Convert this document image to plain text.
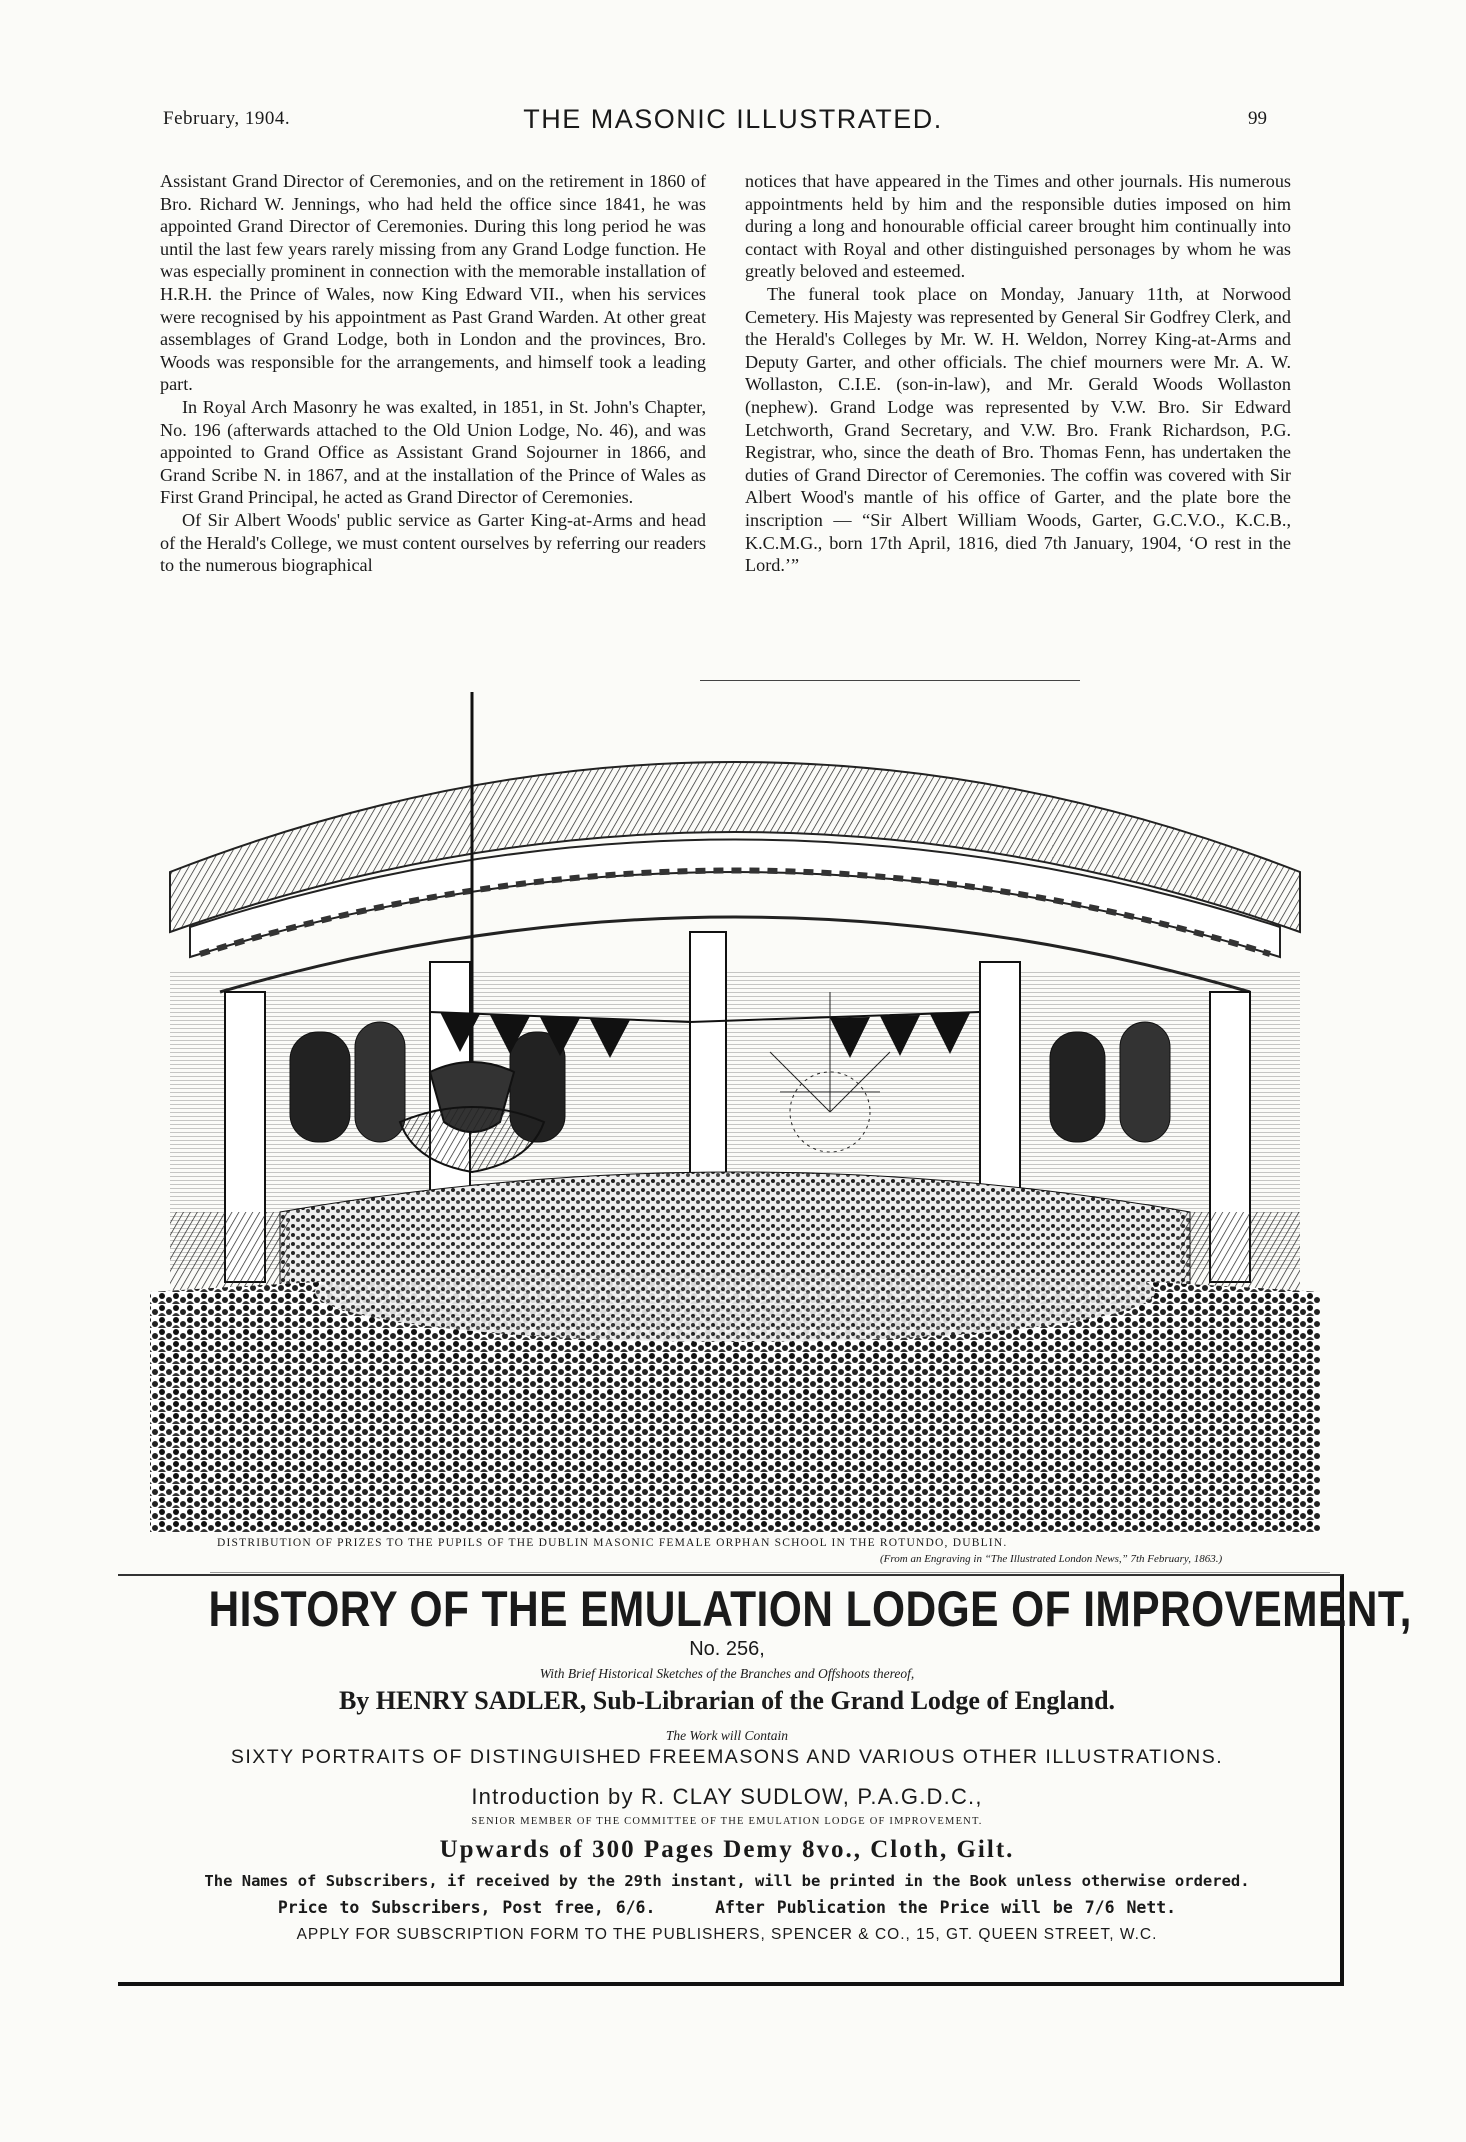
February, 1904.	THE MASONIC ILLUSTRATED.	99

Assistant Grand Director of Ceremonies, and on the retirement in 1860 of Bro. Richard W. Jennings, who had held the office since 1841, he was appointed Grand Director of Ceremonies. During this long period he was until the last few years rarely missing from any Grand Lodge function. He was especially prominent in connection with the memorable installation of H.R.H. the Prince of Wales, now King Edward VII., when his services were recognised by his appointment as Past Grand Warden. At other great assemblages of Grand Lodge, both in London and the provinces, Bro. Woods was responsible for the arrangements, and himself took a leading part.

In Royal Arch Masonry he was exalted, in 1851, in St. John's Chapter, No. 196 (afterwards attached to the Old Union Lodge, No. 46), and was appointed to Grand Office as Assistant Grand Sojourner in 1866, and Grand Scribe N. in 1867, and at the installation of the Prince of Wales as First Grand Principal, he acted as Grand Director of Ceremonies.

Of Sir Albert Woods' public service as Garter King-at-Arms and head of the Herald's College, we must content ourselves by referring our readers to the numerous biographical

notices that have appeared in the Times and other journals. His numerous appointments held by him and the responsible duties imposed on him during a long and honourable official career brought him continually into contact with Royal and other distinguished personages by whom he was greatly beloved and esteemed.

The funeral took place on Monday, January 11th, at Norwood Cemetery. His Majesty was represented by General Sir Godfrey Clerk, and the Herald's Colleges by Mr. W. H. Weldon, Norrey King-at-Arms and Deputy Garter, and other officials. The chief mourners were Mr. A. W. Wollaston, C.I.E. (son-in-law), and Mr. Gerald Woods Wollaston (nephew). Grand Lodge was represented by V.W. Bro. Sir Edward Letchworth, Grand Secretary, and V.W. Bro. Frank Richardson, P.G. Registrar, who, since the death of Bro. Thomas Fenn, has undertaken the duties of Grand Director of Ceremonies. The coffin was covered with Sir Albert Wood's mantle of his office of Garter, and the plate bore the inscription — “Sir Albert William Woods, Garter, G.C.V.O., K.C.B., K.C.M.G., born 17th April, 1816, died 7th January, 1904, ‘O rest in the Lord.’”

DISTRIBUTION OF PRIZES TO THE PUPILS OF THE DUBLIN MASONIC FEMALE ORPHAN SCHOOL IN THE ROTUNDO, DUBLIN.
(From an Engraving in “The Illustrated London News,” 7th February, 1863.)
HISTORY OF THE EMULATION LODGE OF IMPROVEMENT,
No. 256,
With Brief Historical Sketches of the Branches and Offshoots thereof,
By HENRY SADLER, Sub-Librarian of the Grand Lodge of England.
The Work will Contain
SIXTY PORTRAITS OF DISTINGUISHED FREEMASONS AND VARIOUS OTHER ILLUSTRATIONS.
Introduction by R. CLAY SUDLOW, P.A.G.D.C.,
SENIOR MEMBER OF THE COMMITTEE OF THE EMULATION LODGE OF IMPROVEMENT.
Upwards of 300 Pages Demy 8vo., Cloth, Gilt.
The Names of Subscribers, if received by the 29th instant, will be printed in the Book unless otherwise ordered.
Price to Subscribers, Post free, 6/6.     After Publication the Price will be 7/6 Nett.
APPLY FOR SUBSCRIPTION FORM TO THE PUBLISHERS, SPENCER & CO., 15, GT. QUEEN STREET, W.C.
